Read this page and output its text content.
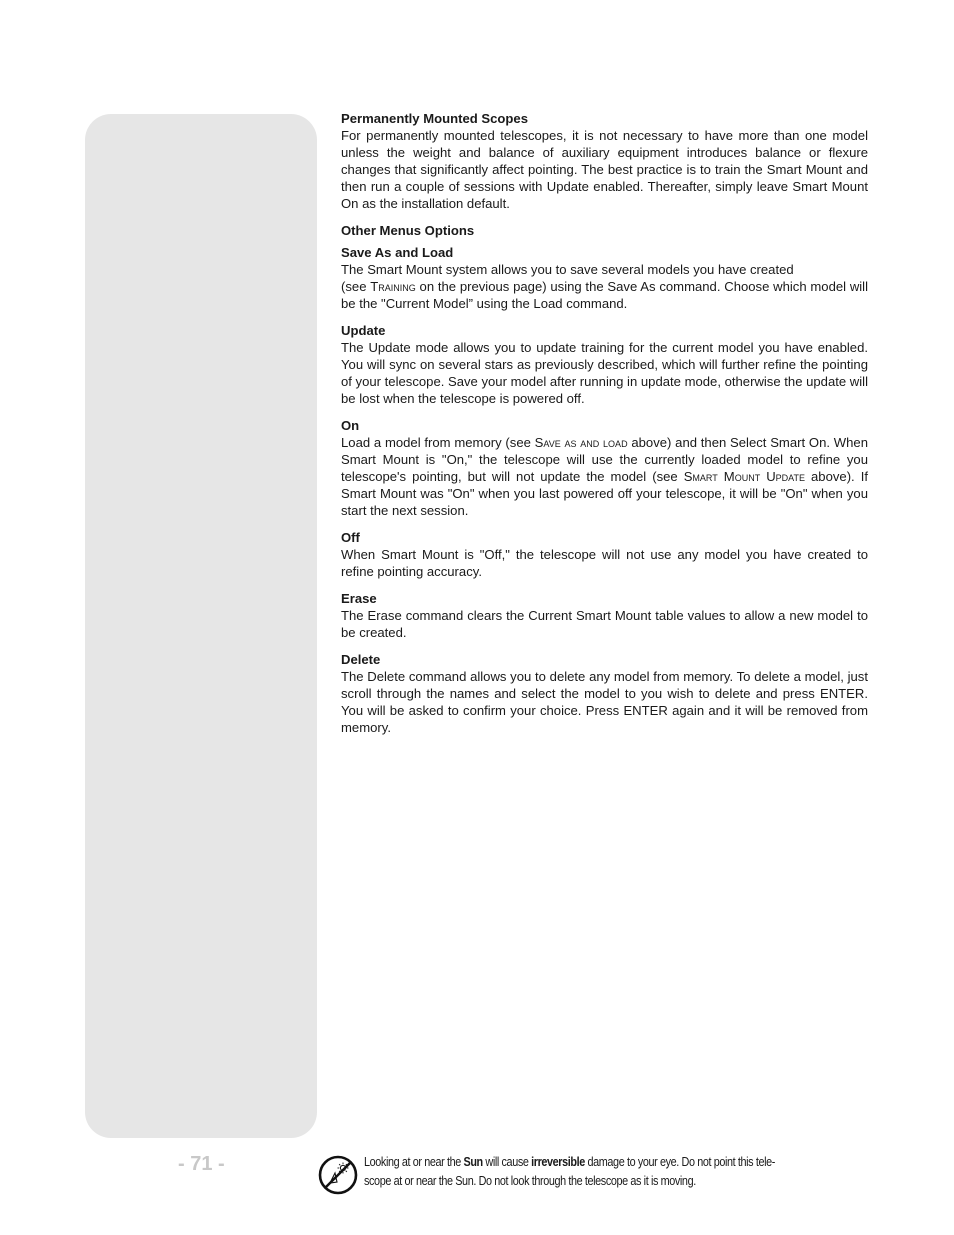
Permanently Mounted Scopes
For permanently mounted telescopes, it is not necessary to have more than one model unless the weight and balance of auxiliary equipment introduces balance or flexure changes that significantly affect pointing. The best practice is to train the Smart Mount and then run a couple of sessions with Update enabled. Thereafter, simply leave Smart Mount On as the installation default.
Other Menus Options
Save As and Load
The Smart Mount system allows you to save several models you have created
(see Training on the previous page) using the Save As command. Choose which model will be the "Current Model” using the Load command.
Update
The Update mode allows you to update training for the current model you have enabled. You will sync on several stars as previously described, which will further refine the pointing of your telescope. Save your model after running in update mode, otherwise the update will be lost when the telescope is powered off.
On
Load a model from memory (see Save as and load above) and then Select Smart On. When Smart Mount is "On," the telescope will use the currently loaded model to refine you telescope's pointing, but will not update the model (see Smart Mount Update above). If Smart Mount was "On" when you last powered off your telescope, it will be "On" when you start the next session.
Off
When Smart Mount is "Off," the telescope will not use any model you have created to refine pointing accuracy.
Erase
The Erase command clears the Current Smart Mount table values to allow a new model to be created.
Delete
The Delete command allows you to delete any model from memory. To delete a model, just scroll through the names and select the model to you wish to delete and press ENTER. You will be asked to confirm your choice. Press ENTER again and it will be removed from memory.
- 71 -	Looking at or near the Sun will cause irreversible damage to your eye. Do not point this tele-
scope at or near the Sun. Do not look through the telescope as it is moving.
